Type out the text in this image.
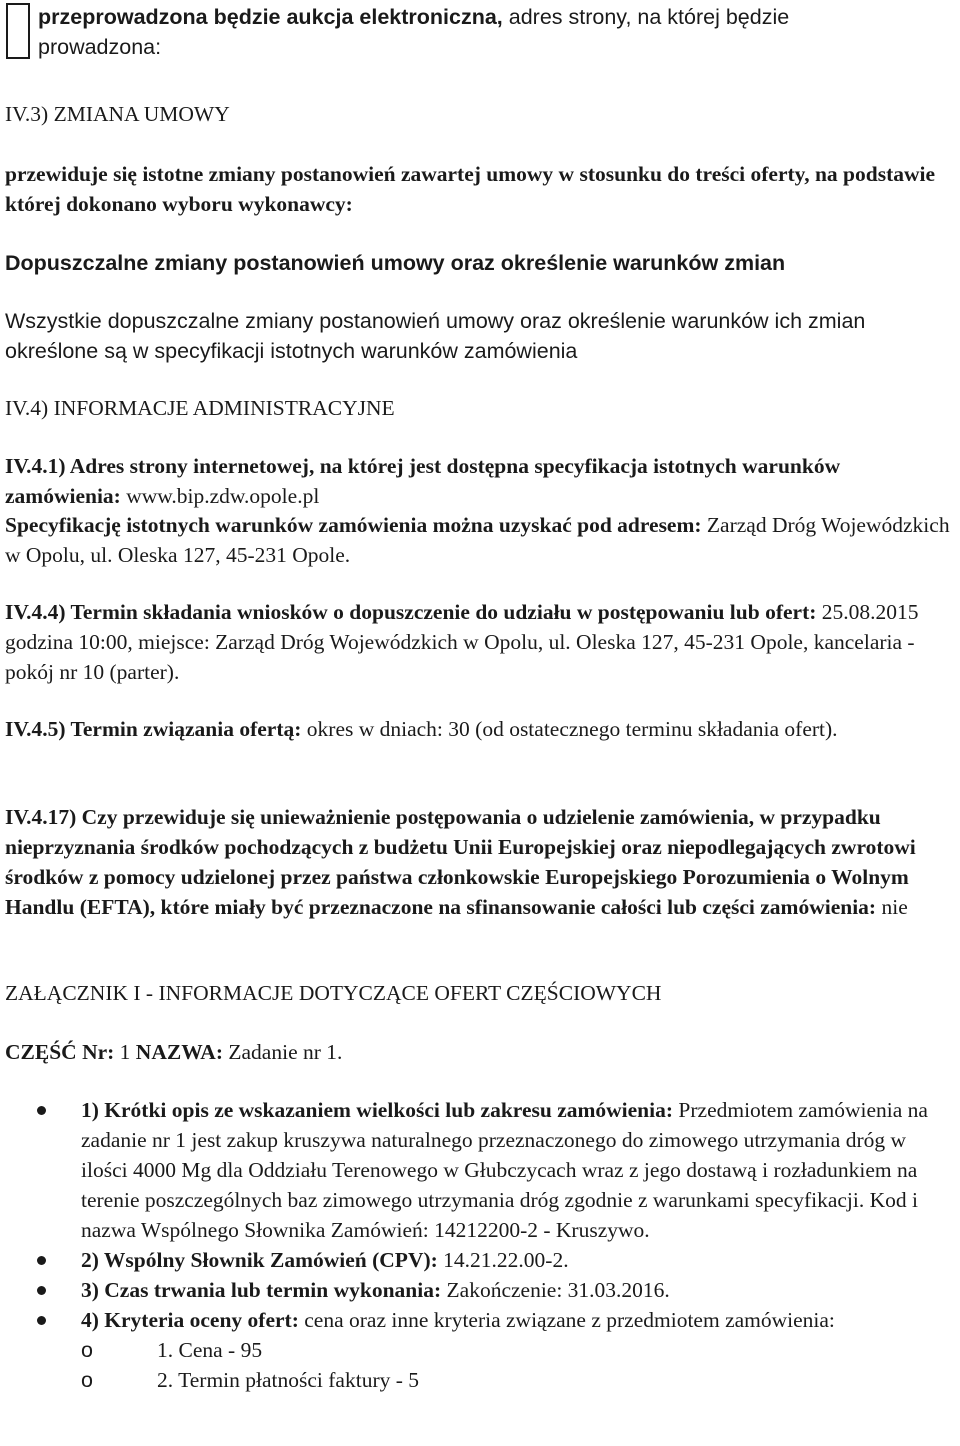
przeprowadzona będzie aukcja elektroniczna, adres strony, na której będzie
prowadzona:

IV.3) ZMIANA UMOWY

przewiduje się istotne zmiany postanowień zawartej umowy w stosunku do treści oferty, na podstawie której dokonano wyboru wykonawcy:

Dopuszczalne zmiany postanowień umowy oraz określenie warunków zmian

Wszystkie dopuszczalne zmiany postanowień umowy oraz określenie warunków ich zmian określone są w specyfikacji istotnych warunków zamówienia

IV.4) INFORMACJE ADMINISTRACYJNE

IV.4.1) Adres strony internetowej, na której jest dostępna specyfikacja istotnych warunków zamówienia: www.bip.zdw.opole.pl

Specyfikację istotnych warunków zamówienia można uzyskać pod adresem: Zarząd Dróg Wojewódzkich w Opolu, ul. Oleska 127, 45-231 Opole.

IV.4.4) Termin składania wniosków o dopuszczenie do udziału w postępowaniu lub ofert: 25.08.2015 godzina 10:00, miejsce: Zarząd Dróg Wojewódzkich w Opolu, ul. Oleska 127, 45-231 Opole, kancelaria - pokój nr 10 (parter).

IV.4.5) Termin związania ofertą: okres w dniach: 30 (od ostatecznego terminu składania ofert).

IV.4.17) Czy przewiduje się unieważnienie postępowania o udzielenie zamówienia, w przypadku nieprzyznania środków pochodzących z budżetu Unii Europejskiej oraz niepodlegających zwrotowi środków z pomocy udzielonej przez państwa członkowskie Europejskiego Porozumienia o Wolnym Handlu (EFTA), które miały być przeznaczone na sfinansowanie całości lub części zamówienia: nie

ZAŁĄCZNIK I - INFORMACJE DOTYCZĄCE OFERT CZĘŚCIOWYCH

CZĘŚĆ Nr: 1 NAZWA: Zadanie nr 1.

1) Krótki opis ze wskazaniem wielkości lub zakresu zamówienia: Przedmiotem zamówienia na zadanie nr 1 jest zakup kruszywa naturalnego przeznaczonego do zimowego utrzymania dróg w ilości 4000 Mg dla Oddziału Terenowego w Głubczycach wraz z jego dostawą i rozładunkiem na terenie poszczególnych baz zimowego utrzymania dróg zgodnie z warunkami specyfikacji. Kod i nazwa Wspólnego Słownika Zamówień: 14212200-2 - Kruszywo.
2) Wspólny Słownik Zamówień (CPV): 14.21.22.00-2.
3) Czas trwania lub termin wykonania: Zakończenie: 31.03.2016.
4) Kryteria oceny ofert: cena oraz inne kryteria związane z przedmiotem zamówienia:
o	1. Cena - 95
o	2. Termin płatności faktury - 5
